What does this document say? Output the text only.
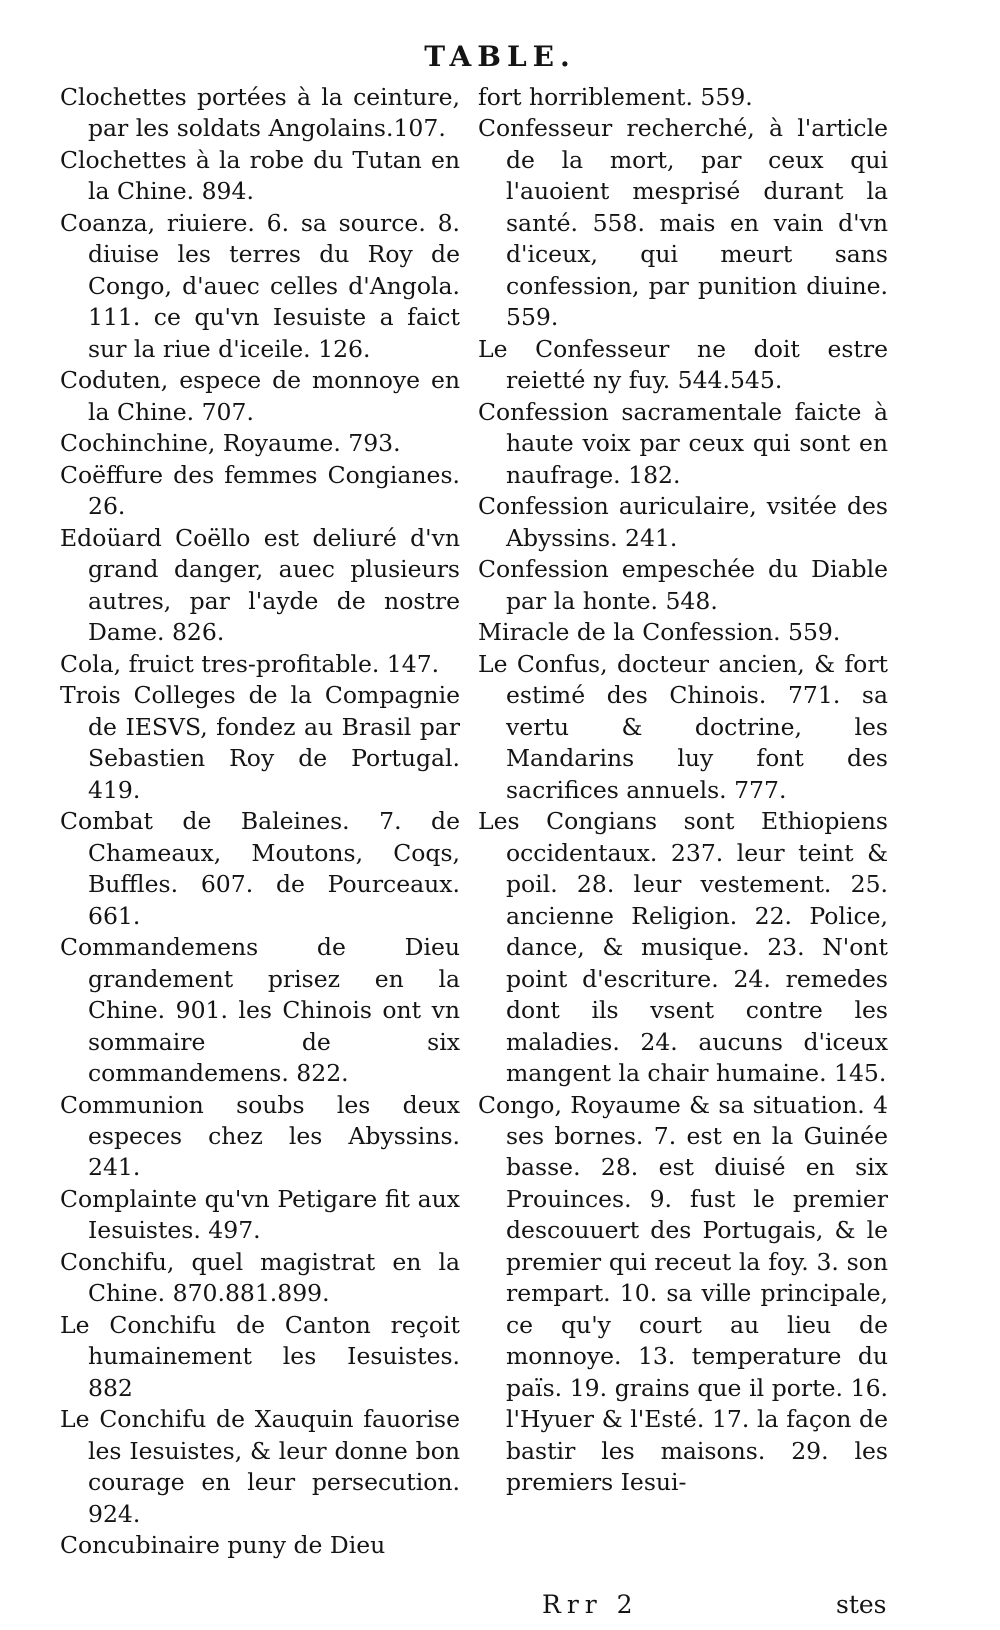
TABLE.
Clochettes portées à la ceinture, par les soldats Angolains.107.
Clochettes à la robe du Tutan en la Chine. 894.
Coanza, riuiere. 6. sa source. 8. diuise les terres du Roy de Congo, d'auec celles d'Angola. 111. ce qu'vn Iesuiste a faict sur la riue d'iceile. 126.
Coduten, espece de monnoye en la Chine. 707.
Cochinchine, Royaume. 793.
Coëffure des femmes Congianes. 26.
Edoüard Coëllo est deliuré d'vn grand danger, auec plusieurs autres, par l'ayde de nostre Dame. 826.
Cola, fruict tres-profitable. 147.
Trois Colleges de la Compagnie de IESVS, fondez au Brasil par Sebastien Roy de Portugal. 419.
Combat de Baleines. 7. de Chameaux, Moutons, Coqs, Buffles. 607. de Pourceaux. 661.
Commandemens de Dieu grandement prisez en la Chine. 901. les Chinois ont vn sommaire de six commandemens. 822.
Communion soubs les deux especes chez les Abyssins. 241.
Complainte qu'vn Petigare fit aux Iesuistes. 497.
Conchifu, quel magistrat en la Chine. 870.881.899.
Le Conchifu de Canton reçoit humainement les Iesuistes. 882
Le Conchifu de Xauquin fauorise les Iesuistes, & leur donne bon courage en leur persecution. 924.
Concubinaire puny de Dieu
fort horriblement. 559.
Confesseur recherché, à l'article de la mort, par ceux qui l'auoient mesprisé durant la santé. 558. mais en vain d'vn d'iceux, qui meurt sans confession, par punition diuine. 559.
Le Confesseur ne doit estre reietté ny fuy. 544.545.
Confession sacramentale faicte à haute voix par ceux qui sont en naufrage. 182.
Confession auriculaire, vsitée des Abyssins. 241.
Confession empeschée du Diable par la honte. 548.
Miracle de la Confession. 559.
Le Confus, docteur ancien, & fort estimé des Chinois. 771. sa vertu & doctrine, les Mandarins luy font des sacrifices annuels. 777.
Les Congians sont Ethiopiens occidentaux. 237. leur teint & poil. 28. leur vestement. 25. ancienne Religion. 22. Police, dance, & musique. 23. N'ont point d'escriture. 24. remedes dont ils vsent contre les maladies. 24. aucuns d'iceux mangent la chair humaine. 145.
Congo, Royaume & sa situation. 4 ses bornes. 7. est en la Guinée basse. 28. est diuisé en six Prouinces. 9. fust le premier descouuert des Portugais, & le premier qui receut la foy. 3. son rempart. 10. sa ville principale, ce qu'y court au lieu de monnoye. 13. temperature du païs. 19. grains que il porte. 16. l'Hyuer & l'Esté. 17. la façon de bastir les maisons. 29. les premiers Iesui-
Rrr 2	stes
